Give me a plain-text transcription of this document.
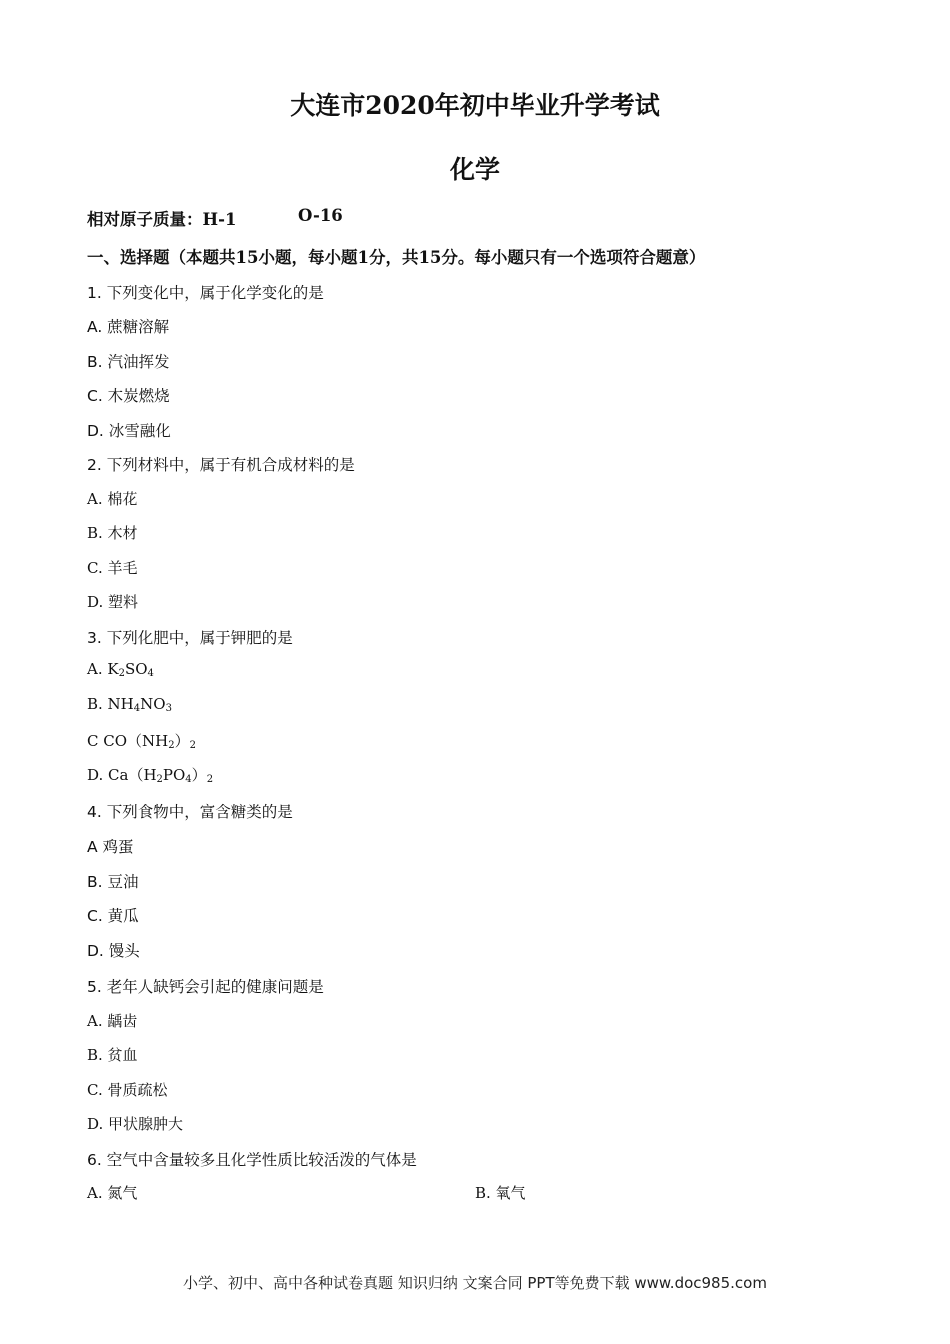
大连市2020年初中毕业升学考试
化学
相对原子质量：H-1	O-16
一、选择题（本题共15小题，每小题1分，共15分。每小题只有一个选项符合题意）
1. 下列变化中，属于化学变化的是
A. 蔗糖溶解
B. 汽油挥发
C. 木炭燃烧
D. 冰雪融化
2. 下列材料中，属于有机合成材料的是
A. 棉花
B. 木材
C. 羊毛
D. 塑料
3. 下列化肥中，属于钾肥的是
A. $K_2SO_4$
B. $NH_4NO_3$
C $CO(NH_2)_2$
D. $Ca(H_2PO_4)_2$
4. 下列食物中，富含糖类的是
A 鸡蛋
B. 豆油
C. 黄瓜
D. 馒头
5. 老年人缺钙会引起的健康问题是
A. 龋齿
B. 贫血
C. 骨质疏松
D. 甲状腺肿大
6. 空气中含量较多且化学性质比较活泼的气体是
A. 氮气	B. 氧气
小学、初中、高中各种试卷真题 知识归纳 文案合同 PPT等免费下载 www.doc985.com
